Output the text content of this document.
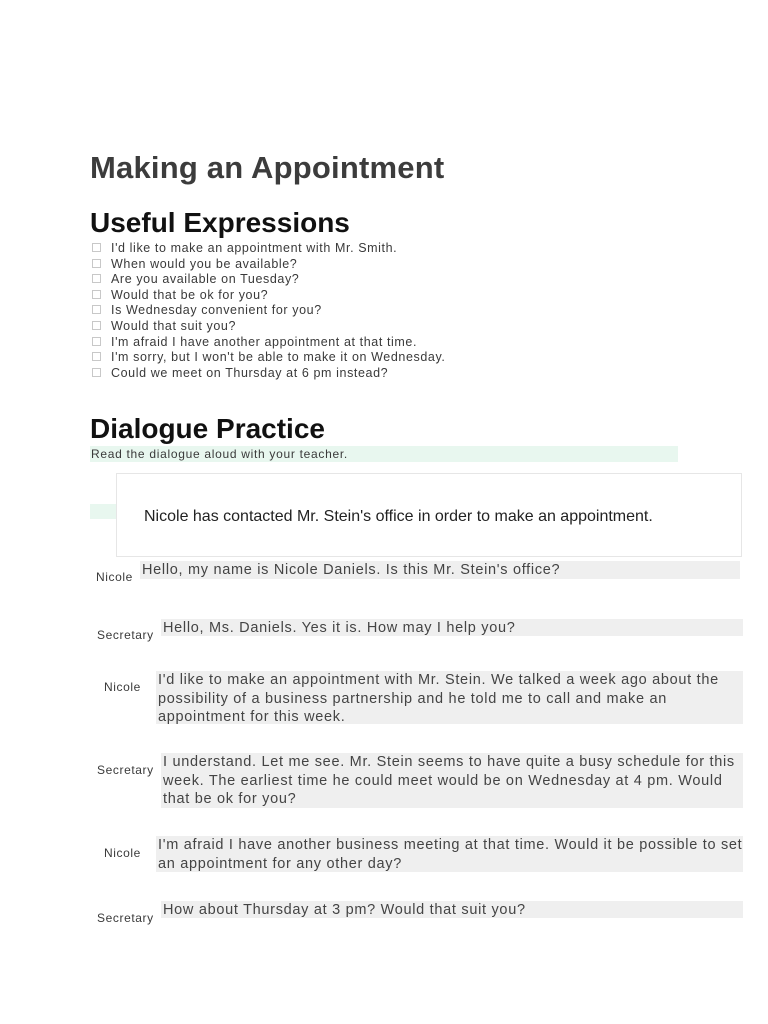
Making an Appointment
Useful Expressions
I'd like to make an appointment with Mr. Smith.
When would you be available?
Are you available on Tuesday?
Would that be ok for you?
Is Wednesday convenient for you?
Would that suit you?
I'm afraid I have another appointment at that time.
I'm sorry, but I won't be able to make it on Wednesday.
Could we meet on Thursday at 6 pm instead?
Dialogue Practice

Read the dialogue aloud with your teacher.

Nicole has contacted Mr. Stein's office in order to make an appointment.
Nicole Hello, my name is Nicole Daniels. Is this Mr. Stein's office?
Secretary Hello, Ms. Daniels. Yes it is. How may I help you?
Nicole I'd like to make an appointment with Mr. Stein. We talked a week ago about the possibility of a business partnership and he told me to call and make an appointment for this week.
Secretary I understand. Let me see. Mr. Stein seems to have quite a busy schedule for this week. The earliest time he could meet would be on Wednesday at 4 pm. Would that be ok for you?
Nicole I'm afraid I have another business meeting at that time. Would it be possible to set an appointment for any other day?
Secretary How about Thursday at 3 pm? Would that suit you?
